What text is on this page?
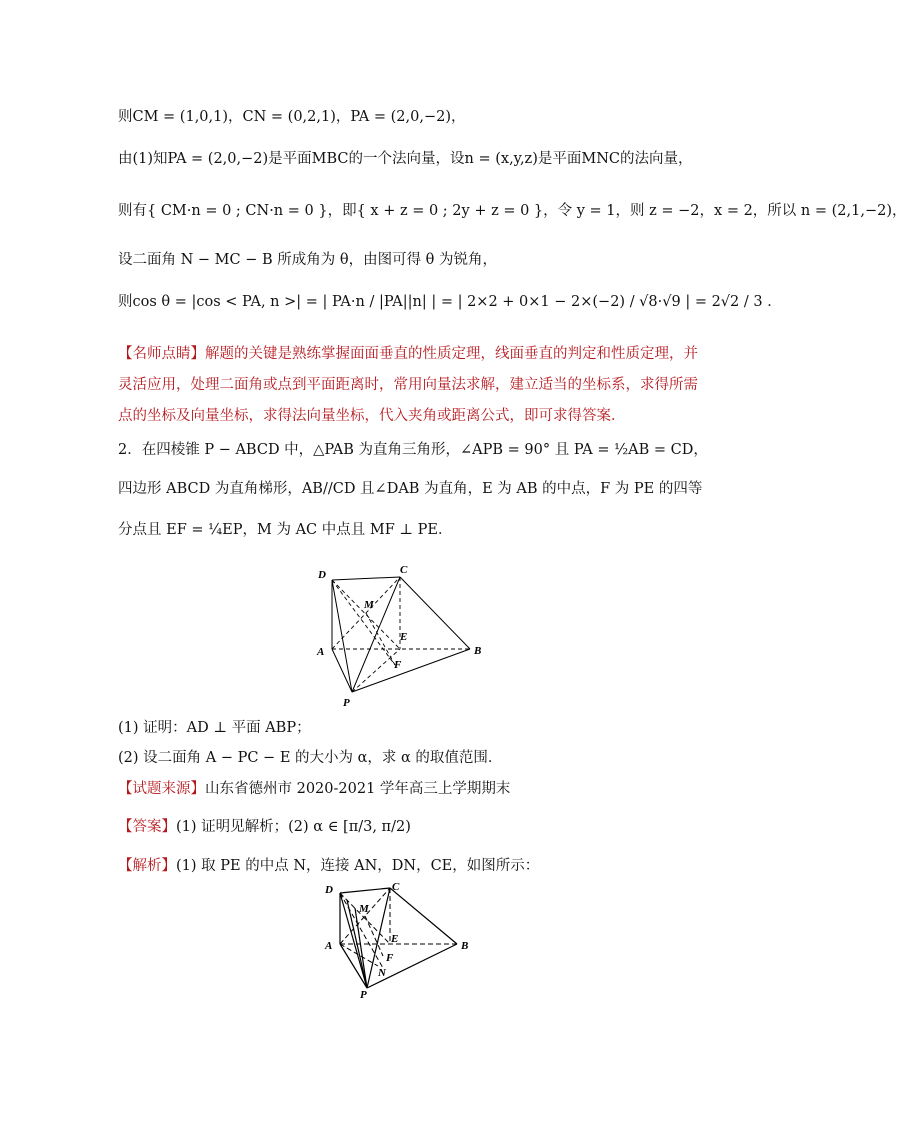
则CM = (1,0,1)，CN = (0,2,1)，PA = (2,0,−2)，
由(1)知PA = (2,0,−2)是平面MBC的一个法向量，设n = (x,y,z)是平面MNC的法向量，
则有{ CM·n = 0 ; CN·n = 0 }，即{ x + z = 0 ; 2y + z = 0 }，令 y = 1，则 z = −2，x = 2，所以 n = (2,1,−2)，
设二面角 N − MC − B 所成角为 θ，由图可得 θ 为锐角，
则cos θ = |cos < PA, n >| = | PA·n / |PA||n| | = | 2×2 + 0×1 − 2×(−2) / √8·√9 | = 2√2 / 3 ．
【名师点睛】解题的关键是熟练掌握面面垂直的性质定理，线面垂直的判定和性质定理，并
灵活应用，处理二面角或点到平面距离时，常用向量法求解，建立适当的坐标系，求得所需
点的坐标及向量坐标，求得法向量坐标，代入夹角或距离公式，即可求得答案．
2．在四棱锥 P − ABCD 中，△PAB 为直角三角形，∠APB = 90° 且 PA = ½AB = CD，
四边形 ABCD 为直角梯形，AB//CD 且∠DAB 为直角，E 为 AB 的中点，F 为 PE 的四等
分点且 EF = ¼EP，M 为 AC 中点且 MF ⊥ PE．
D	C
M
A
E
F
B
P
(1) 证明：AD ⊥ 平面 ABP；
(2) 设二面角 A − PC − E 的大小为 α，求 α 的取值范围．
【试题来源】山东省德州市 2020-2021 学年高三上学期期末
【答案】(1) 证明见解析；(2) α ∈ [π/3, π/2)
【解析】(1) 取 PE 的中点 N，连接 AN，DN，CE，如图所示：
D	C
M
A
E
F
N
B
P
